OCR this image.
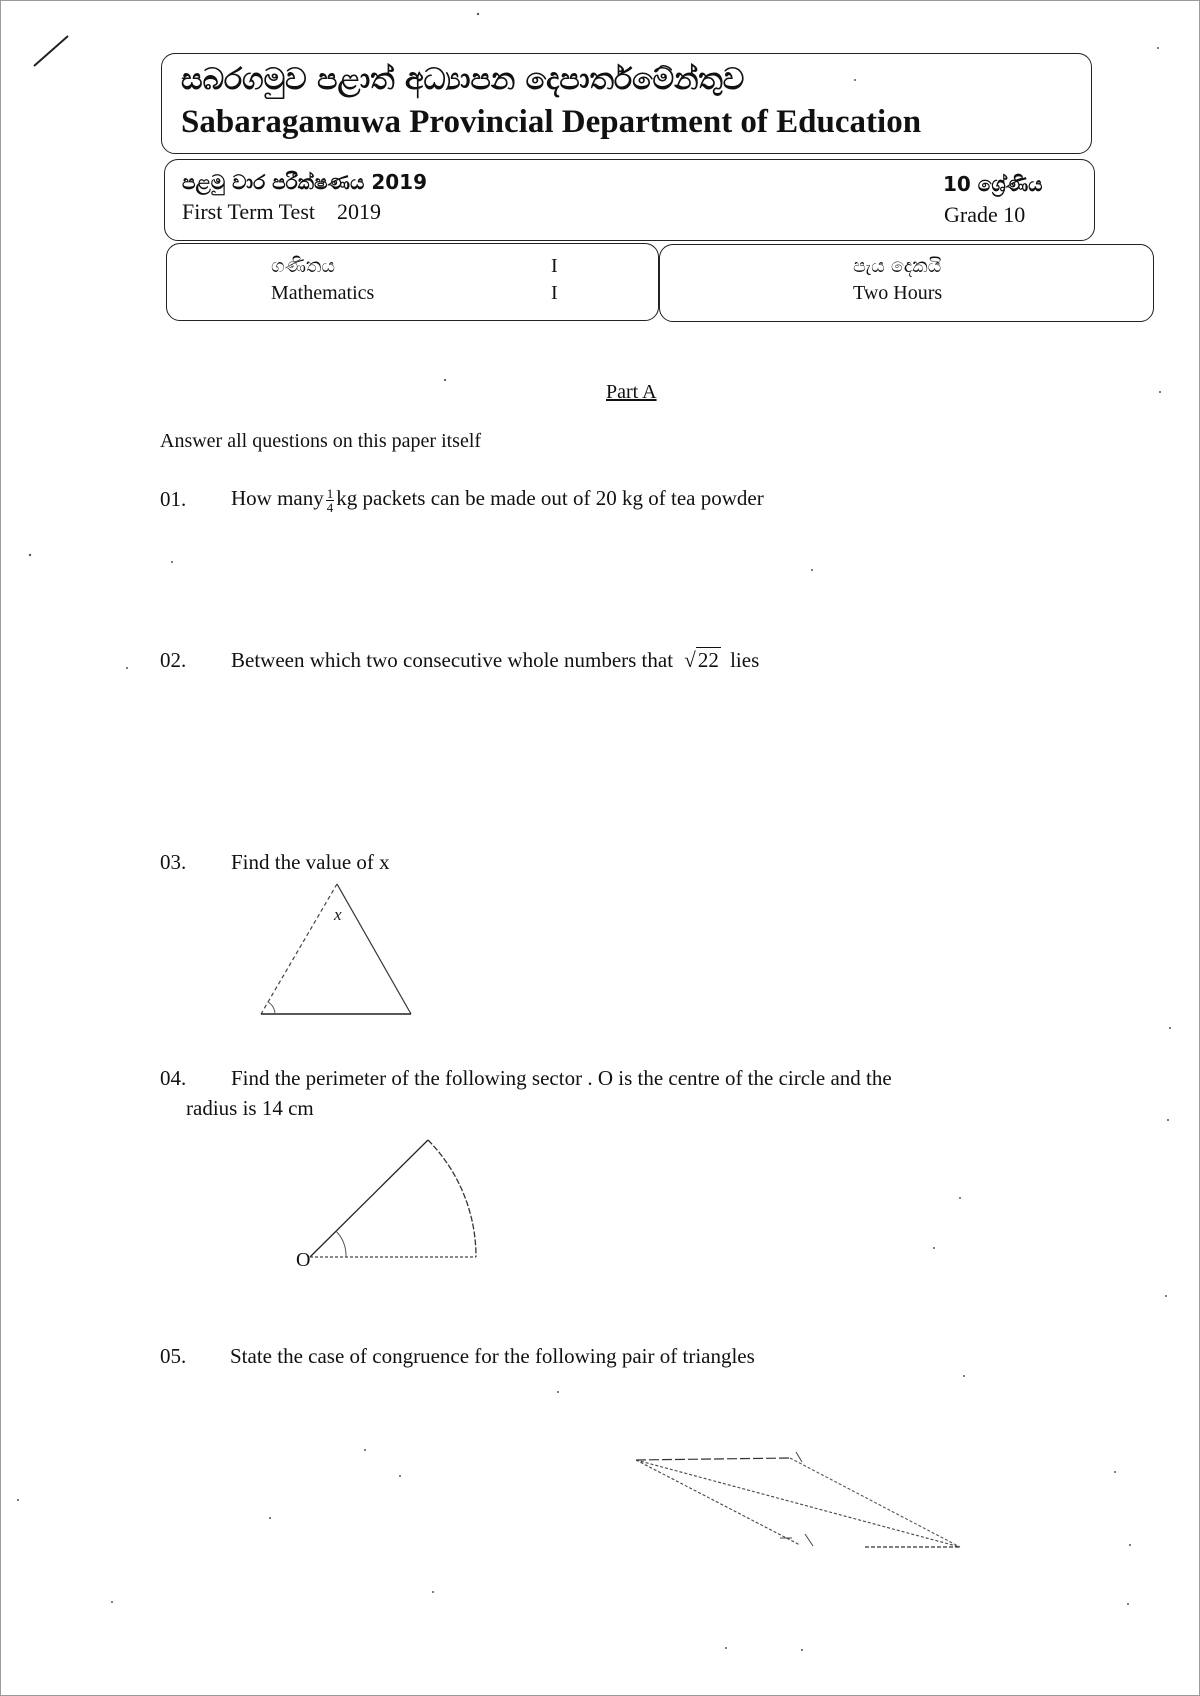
සබරගමුව පළාත් අධ්‍යාපන දෙපාර්තමේන්තුව
Sabaragamuwa Provincial Department of Education
පළමු වාර පරීක්ෂණය 2019
First Term Test    2019
10 ශ්‍රේණිය
Grade 10
ගණිතය
Mathematics
I
I
පැය දෙකයි
Two Hours
Part A
Answer all questions on this paper itself
01. How many $\frac{1}{4}$ kg packets can be made out of 20 kg of tea powder
02. Between which two consecutive whole numbers that √22 lies
03. Find the value of x
x
04. Find the perimeter of the following sector . O is the centre of the circle and the
radius is 14 cm
O
05. State the case of congruence for the following pair of triangles
